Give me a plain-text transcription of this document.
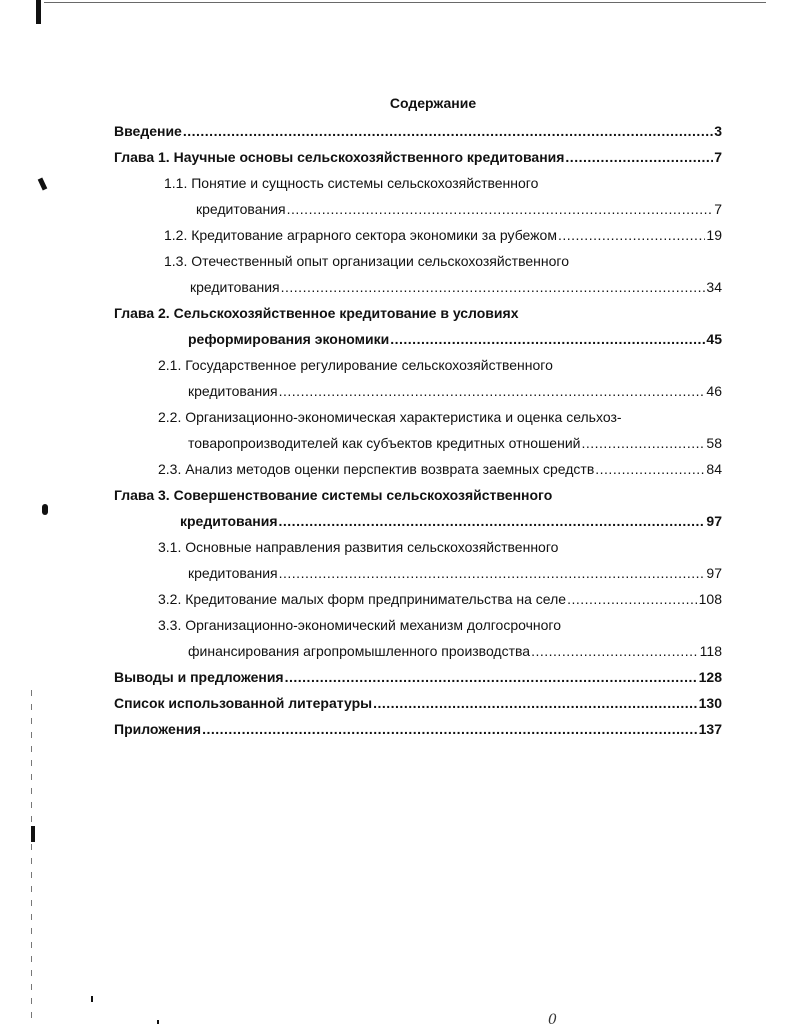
Содержание
Введение .....	3
Глава 1. Научные основы сельскохозяйственного кредитования .....	7
1.1. Понятие и сущность системы сельскохозяйственного
кредитования .....	7
1.2. Кредитование аграрного сектора экономики за рубежом .....	19
1.3. Отечественный опыт организации сельскохозяйственного
кредитования .....	34
Глава 2. Сельскохозяйственное кредитование в условиях
реформирования экономики .....	45
2.1. Государственное регулирование сельскохозяйственного
кредитования .....	46
2.2. Организационно-экономическая характеристика и оценка сельхоз-
товаропроизводителей как субъектов кредитных отношений .....	58
2.3. Анализ методов оценки перспектив возврата заемных средств .....	84
Глава 3. Совершенствование системы сельскохозяйственного
кредитования .....	97
3.1. Основные направления развития сельскохозяйственного
кредитования .....	97
3.2. Кредитование малых форм предпринимательства на селе .....	108
3.3. Организационно-экономический механизм долгосрочного
финансирования агропромышленного производства .....	118
Выводы и предложения .....	128
Список использованной литературы .....	130
Приложения .....	137
0
